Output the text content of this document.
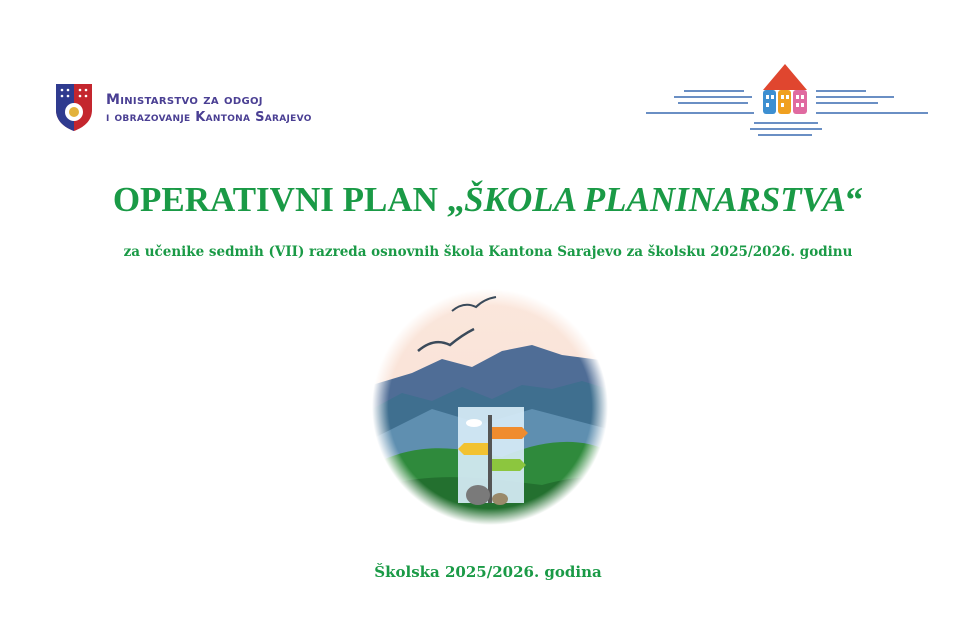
Ministarstvo za odgoj
i obrazovanje Kantona Sarajevo
OPERATIVNI PLAN „ŠKOLA PLANINARSTVA“
za učenike sedmih (VII) razreda osnovnih škola Kantona Sarajevo za školsku 2025/2026. godinu
Školska 2025/2026. godina
